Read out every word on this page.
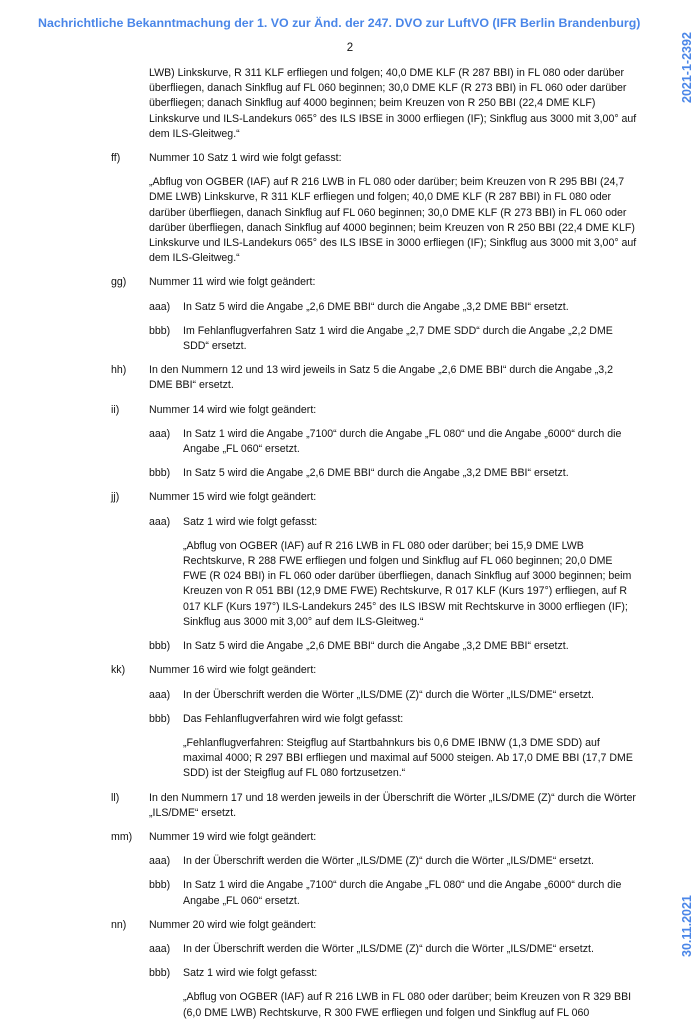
Nachrichtliche Bekanntmachung der 1. VO zur Änd. der 247. DVO zur LuftVO (IFR Berlin Brandenburg)
2	2021-1-2392
30.11.2021
LWB) Linkskurve, R 311 KLF erfliegen und folgen; 40,0 DME KLF (R 287 BBI) in FL 080 oder darüber überfliegen, danach Sinkflug auf FL 060 beginnen; 30,0 DME KLF (R 273 BBI) in FL 060 oder darüber überfliegen; danach Sinkflug auf 4000 beginnen; beim Kreuzen von R 250 BBI (22,4 DME KLF) Linkskurve und ILS-Landekurs 065° des ILS IBSE in 3000 erfliegen (IF); Sinkflug aus 3000 mit 3,00° auf dem ILS-Gleitweg.“
ff)	Nummer 10 Satz 1 wird wie folgt gefasst:
„Abflug von OGBER (IAF) auf R 216 LWB in FL 080 oder darüber; beim Kreuzen von R 295 BBI (24,7 DME LWB) Linkskurve, R 311 KLF erfliegen und folgen; 40,0 DME KLF (R 287 BBI) in FL 080 oder darüber überfliegen, danach Sinkflug auf FL 060 beginnen; 30,0 DME KLF (R 273 BBI) in FL 060 oder darüber überfliegen, danach Sinkflug auf 4000 beginnen; beim Kreuzen von R 250 BBI (22,4 DME KLF) Linkskurve und ILS-Landekurs 065° des ILS IBSE in 3000 erfliegen (IF); Sinkflug aus 3000 mit 3,00° auf dem ILS-Gleitweg.“
gg) Nummer 11 wird wie folgt geändert:
aaa) In Satz 5 wird die Angabe „2,6 DME BBI“ durch die Angabe „3,2 DME BBI“ ersetzt.
bbb) Im Fehlanflugverfahren Satz 1 wird die Angabe „2,7 DME SDD“ durch die Angabe „2,2 DME SDD“ ersetzt.
hh) In den Nummern 12 und 13 wird jeweils in Satz 5 die Angabe „2,6 DME BBI“ durch die Angabe „3,2 DME BBI“ ersetzt.
ii)	Nummer 14 wird wie folgt geändert:
aaa) In Satz 1 wird die Angabe „7100“ durch die Angabe „FL 080“ und die Angabe „6000“ durch die Angabe „FL 060“ ersetzt.
bbb) In Satz 5 wird die Angabe „2,6 DME BBI“ durch die Angabe „3,2 DME BBI“ ersetzt.
jj)	Nummer 15 wird wie folgt geändert:
aaa) Satz 1 wird wie folgt gefasst:
„Abflug von OGBER (IAF) auf R 216 LWB in FL 080 oder darüber; bei 15,9 DME LWB Rechtskurve, R 288 FWE erfliegen und folgen und Sinkflug auf FL 060 beginnen; 20,0 DME FWE (R 024 BBI) in FL 060 oder darüber überfliegen, danach Sinkflug auf 3000 beginnen; beim Kreuzen von R 051 BBI (12,9 DME FWE) Rechtskurve, R 017 KLF (Kurs 197°) erfliegen, auf R 017 KLF (Kurs 197°) ILS-Landekurs 245° des ILS IBSW mit Rechtskurve in 3000 erfliegen (IF); Sinkflug aus 3000 mit 3,00° auf dem ILS-Gleitweg.“
bbb) In Satz 5 wird die Angabe „2,6 DME BBI“ durch die Angabe „3,2 DME BBI“ ersetzt.
kk) Nummer 16 wird wie folgt geändert:
aaa) In der Überschrift werden die Wörter „ILS/DME (Z)“ durch die Wörter „ILS/DME“ ersetzt.
bbb) Das Fehlanflugverfahren wird wie folgt gefasst:
„Fehlanflugverfahren: Steigflug auf Startbahnkurs bis 0,6 DME IBNW (1,3 DME SDD) auf maximal 4000; R 297 BBI erfliegen und maximal auf 5000 steigen. Ab 17,0 DME BBI (17,7 DME SDD) ist der Steigflug auf FL 080 fortzusetzen.“
ll)	In den Nummern 17 und 18 werden jeweils in der Überschrift die Wörter „ILS/DME (Z)“ durch die Wörter „ILS/DME“ ersetzt.
mm) Nummer 19 wird wie folgt geändert:
aaa) In der Überschrift werden die Wörter „ILS/DME (Z)“ durch die Wörter „ILS/DME“ ersetzt.
bbb) In Satz 1 wird die Angabe „7100“ durch die Angabe „FL 080“ und die Angabe „6000“ durch die Angabe „FL 060“ ersetzt.
nn) Nummer 20 wird wie folgt geändert:
aaa) In der Überschrift werden die Wörter „ILS/DME (Z)“ durch die Wörter „ILS/DME“ ersetzt.
bbb) Satz 1 wird wie folgt gefasst:
„Abflug von OGBER (IAF) auf R 216 LWB in FL 080 oder darüber; beim Kreuzen von R 329 BBI (6,0 DME LWB) Rechtskurve, R 300 FWE erfliegen und folgen und Sinkflug auf FL 060
